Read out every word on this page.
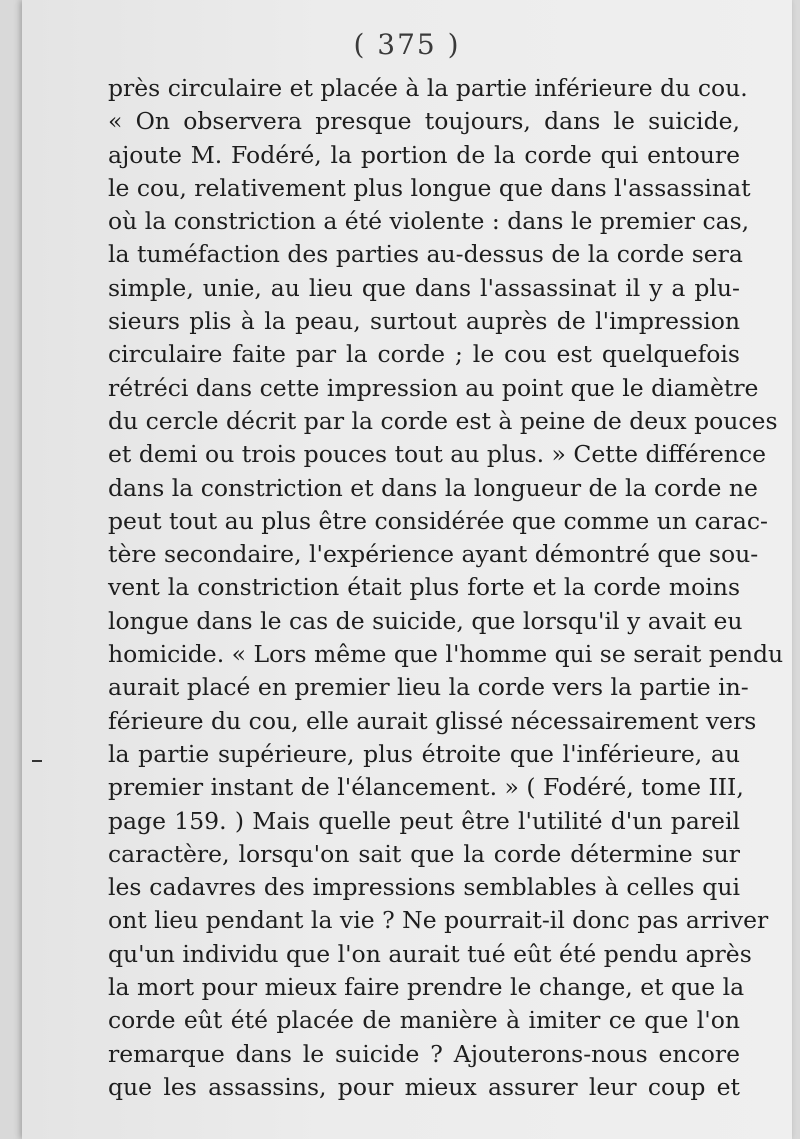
( 375 )
près circulaire et placée à la partie inférieure du cou.
« On observera presque toujours, dans le suicide,
ajoute M. Fodéré, la portion de la corde qui entoure
le cou, relativement plus longue que dans l'assassinat
où la constriction a été violente : dans le premier cas,
la tuméfaction des parties au-dessus de la corde sera
simple, unie, au lieu que dans l'assassinat il y a plu-
sieurs plis à la peau, surtout auprès de l'impression
circulaire faite par la corde ; le cou est quelquefois
rétréci dans cette impression au point que le diamètre
du cercle décrit par la corde est à peine de deux pouces
et demi ou trois pouces tout au plus. » Cette différence
dans la constriction et dans la longueur de la corde ne
peut tout au plus être considérée que comme un carac-
tère secondaire, l'expérience ayant démontré que sou-
vent la constriction était plus forte et la corde moins
longue dans le cas de suicide, que lorsqu'il y avait eu
homicide. « Lors même que l'homme qui se serait pendu
aurait placé en premier lieu la corde vers la partie in-
férieure du cou, elle aurait glissé nécessairement vers
la partie supérieure, plus étroite que l'inférieure, au
premier instant de l'élancement. » ( Fodéré, tome III,
page 159. ) Mais quelle peut être l'utilité d'un pareil
caractère, lorsqu'on sait que la corde détermine sur
les cadavres des impressions semblables à celles qui
ont lieu pendant la vie ? Ne pourrait-il donc pas arriver
qu'un individu que l'on aurait tué eût été pendu après
la mort pour mieux faire prendre le change, et que la
corde eût été placée de manière à imiter ce que l'on
remarque dans le suicide ? Ajouterons-nous encore
que les assassins, pour mieux assurer leur coup et
